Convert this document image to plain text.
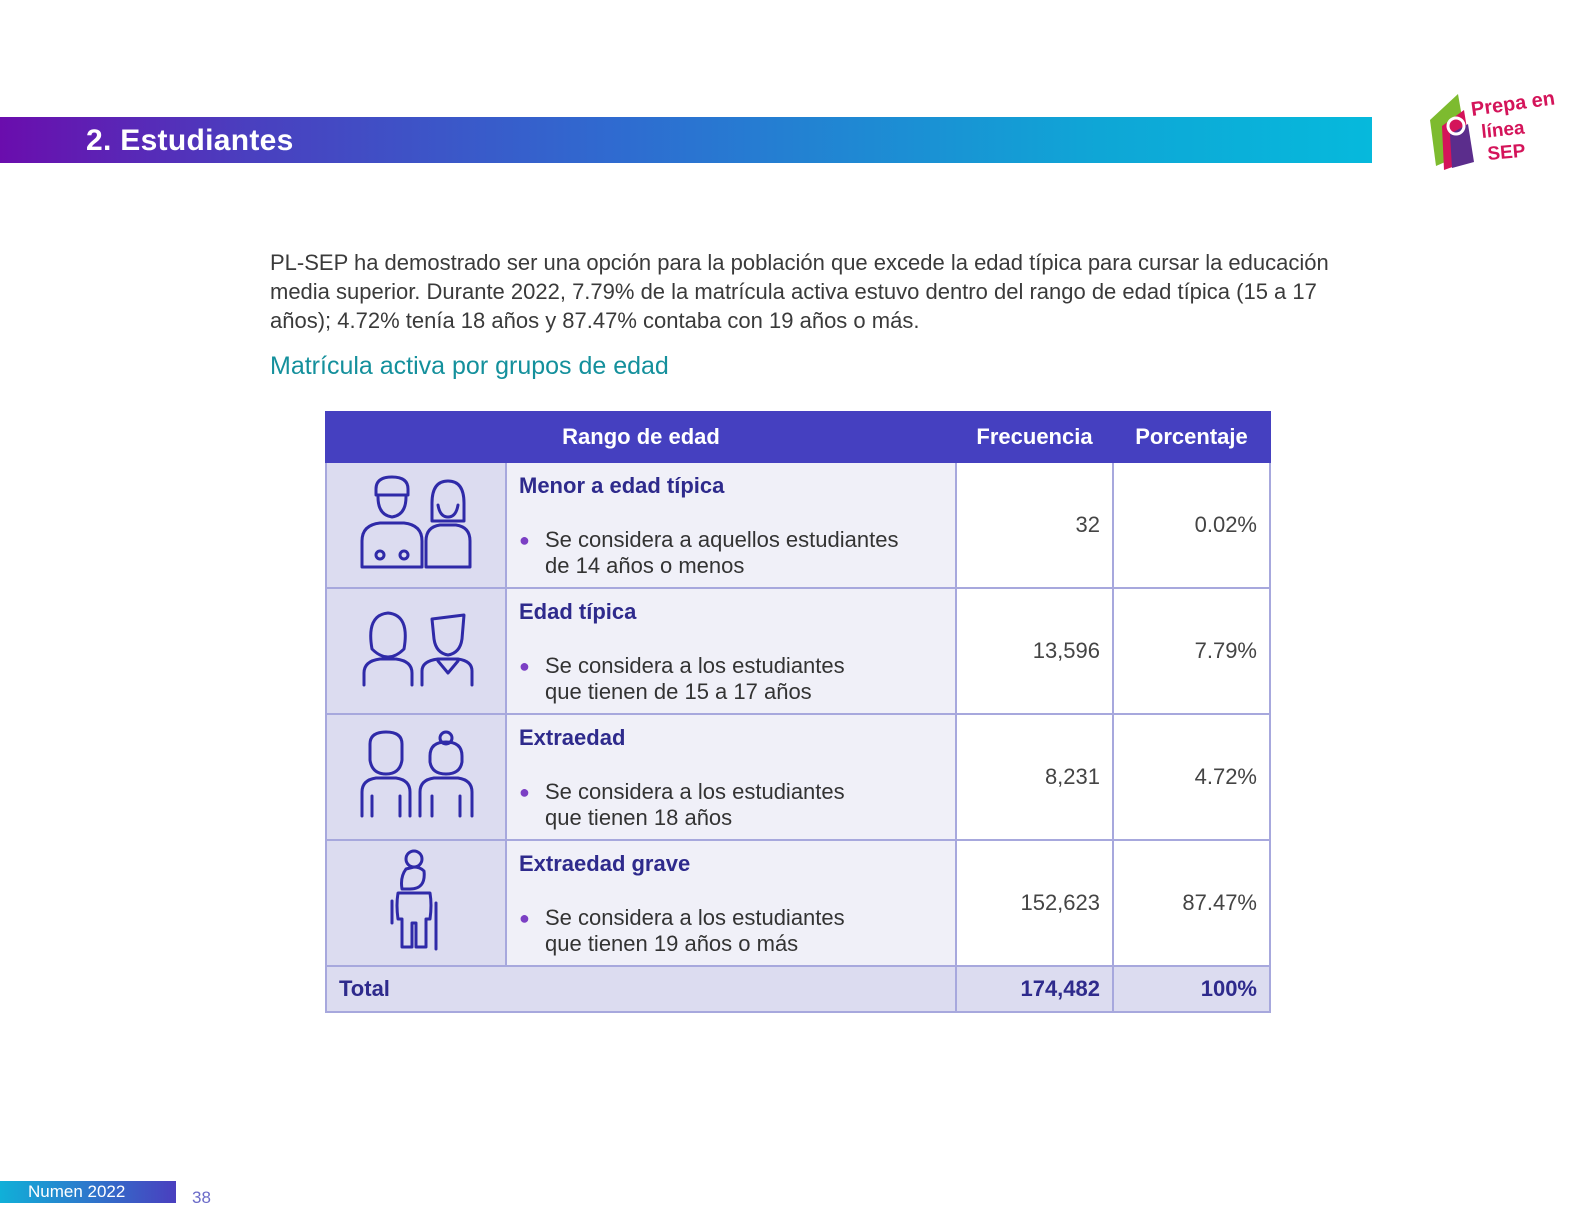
2. Estudiantes
Prepa en
línea
SEP

PL-SEP ha demostrado ser una opción para la población que excede la edad típica para cursar la educación media superior. Durante 2022, 7.79% de la matrícula activa estuvo dentro del rango de edad típica (15 a 17 años); 4.72% tenía 18 años y 87.47% contaba con 19 años o más.

Matrícula activa por grupos de edad
Rango de edad		Frecuencia	Porcentaje

Menor a edad típica
● Se considera a aquellos estudiantes
de 14 años o menos	32	0.02%

Edad típica
● Se considera a los estudiantes
que tienen de 15 a 17 años	13,596	7.79%

Extraedad
● Se considera a los estudiantes
que tienen 18 años	8,231	4.72%

Extraedad grave
● Se considera a los estudiantes
que tienen 19 años o más	152,623	87.47%
Total		174,482	100%
Numen 2022	38
